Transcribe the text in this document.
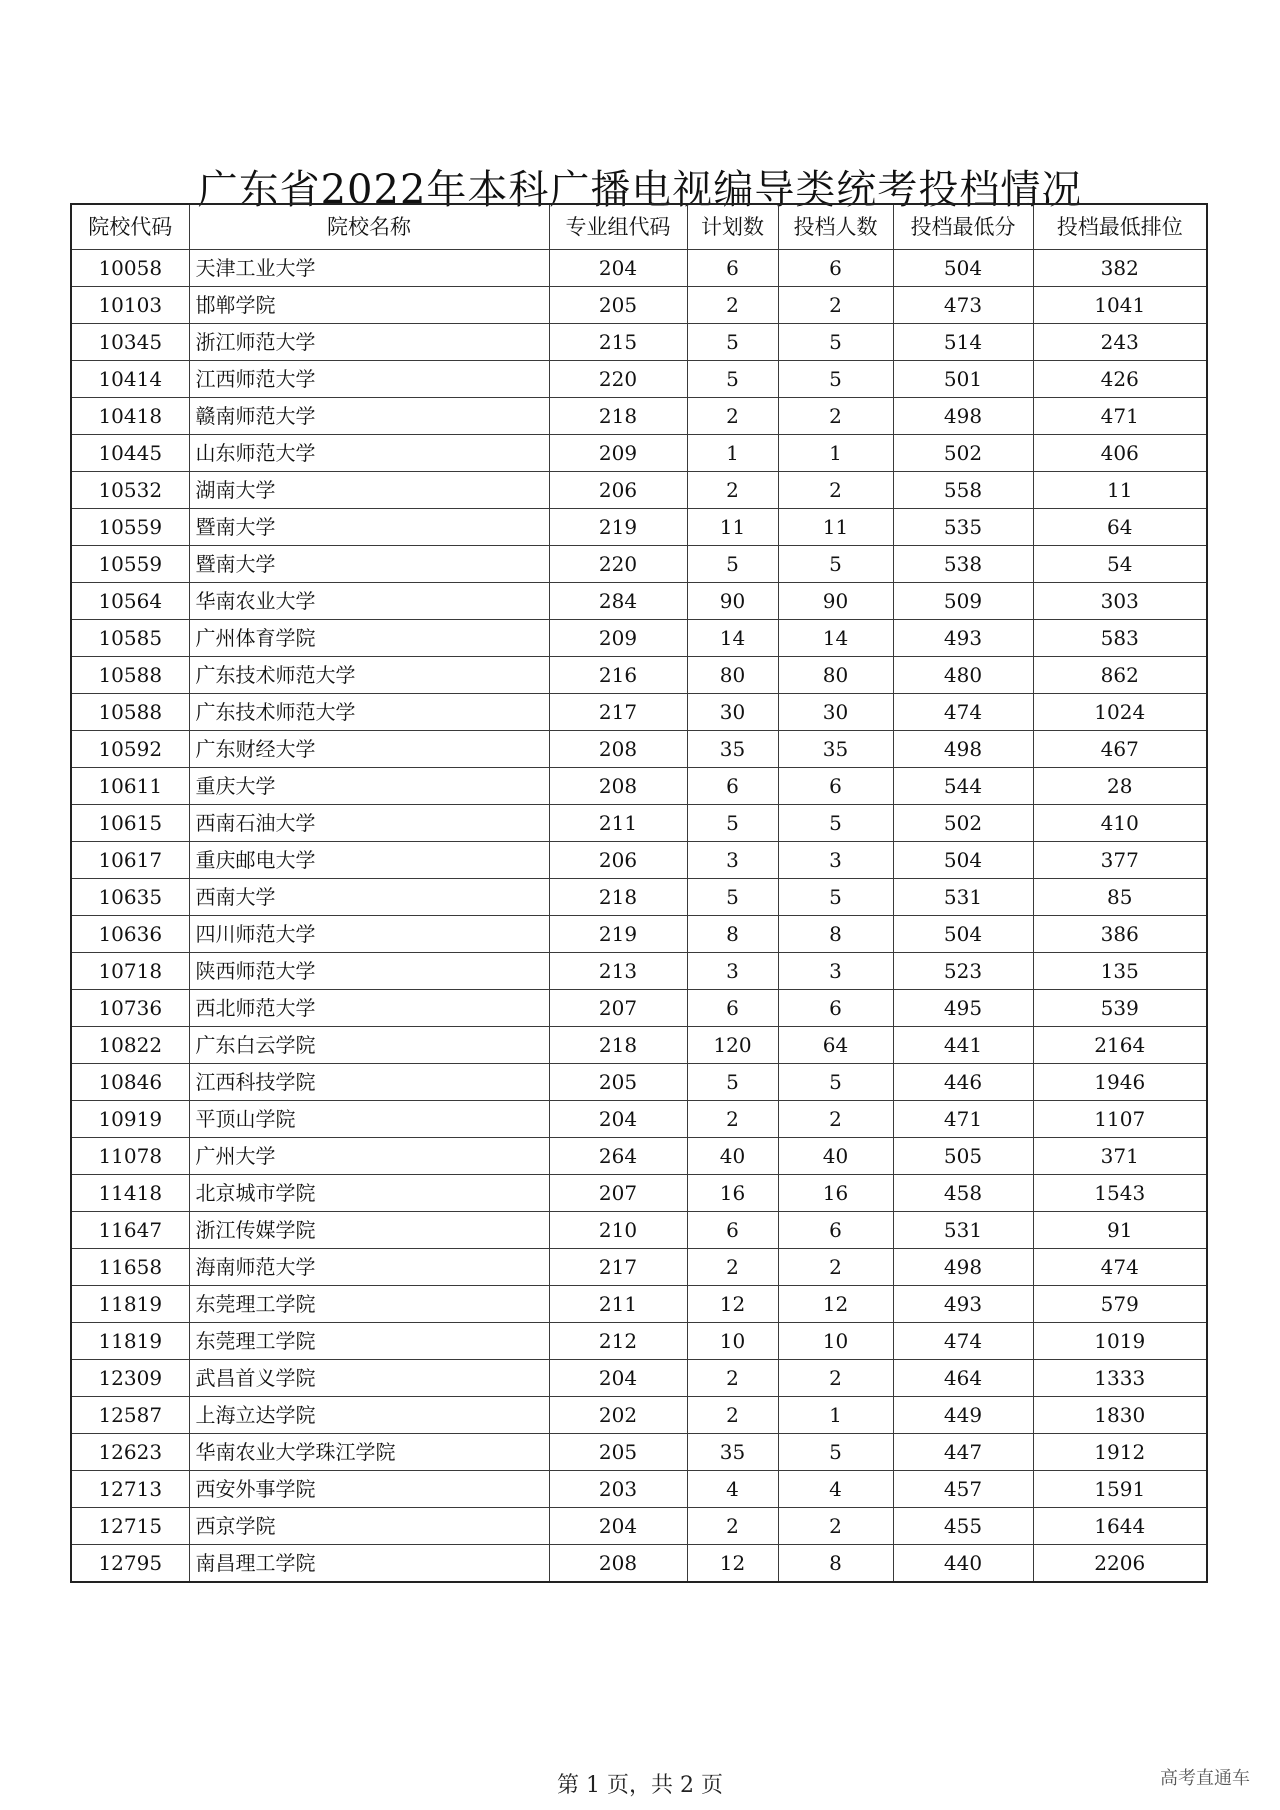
广东省2022年本科广播电视编导类统考投档情况
院校代码	院校名称	专业组代码	计划数	投档人数	投档最低分	投档最低排位
10058	天津工业大学	204	6	6	504	382
10103	邯郸学院	205	2	2	473	1041
10345	浙江师范大学	215	5	5	514	243
10414	江西师范大学	220	5	5	501	426
10418	赣南师范大学	218	2	2	498	471
10445	山东师范大学	209	1	1	502	406
10532	湖南大学	206	2	2	558	11
10559	暨南大学	219	11	11	535	64
10559	暨南大学	220	5	5	538	54
10564	华南农业大学	284	90	90	509	303
10585	广州体育学院	209	14	14	493	583
10588	广东技术师范大学	216	80	80	480	862
10588	广东技术师范大学	217	30	30	474	1024
10592	广东财经大学	208	35	35	498	467
10611	重庆大学	208	6	6	544	28
10615	西南石油大学	211	5	5	502	410
10617	重庆邮电大学	206	3	3	504	377
10635	西南大学	218	5	5	531	85
10636	四川师范大学	219	8	8	504	386
10718	陕西师范大学	213	3	3	523	135
10736	西北师范大学	207	6	6	495	539
10822	广东白云学院	218	120	64	441	2164
10846	江西科技学院	205	5	5	446	1946
10919	平顶山学院	204	2	2	471	1107
11078	广州大学	264	40	40	505	371
11418	北京城市学院	207	16	16	458	1543
11647	浙江传媒学院	210	6	6	531	91
11658	海南师范大学	217	2	2	498	474
11819	东莞理工学院	211	12	12	493	579
11819	东莞理工学院	212	10	10	474	1019
12309	武昌首义学院	204	2	2	464	1333
12587	上海立达学院	202	2	1	449	1830
12623	华南农业大学珠江学院	205	35	5	447	1912
12713	西安外事学院	203	4	4	457	1591
12715	西京学院	204	2	2	455	1644
12795	南昌理工学院	208	12	8	440	2206
第 1 页，共 2 页	高考直通车
